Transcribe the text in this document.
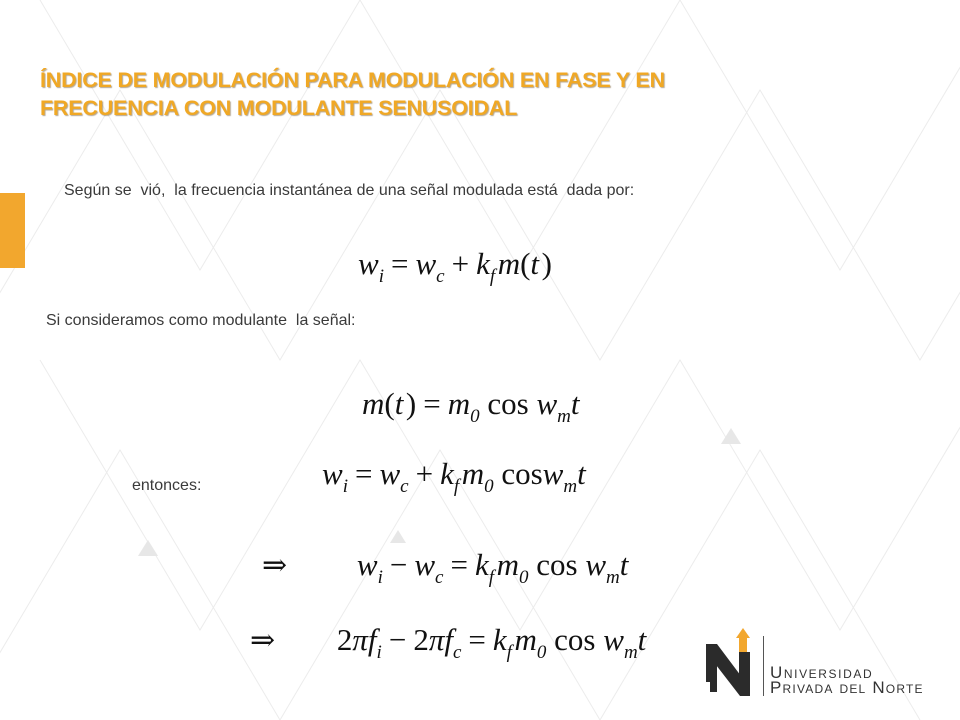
ÍNDICE DE MODULACIÓN PARA MODULACIÓN EN FASE Y EN
FRECUENCIA CON MODULANTE SENUSOIDAL
Según se  vió,  la frecuencia instantánea de una señal modulada está  dada por:
$w_i = w_c + k_f$ m(t )
Si consideramos como modulante  la señal:
m(t ) = $m_0$ $\cos w_mt$
entonces:	$w_i = w_c + k_f$ $m_0$ cosw$_m$t
⇒ $w_i - w_c = k_f$ $m_0$ $\cos w_mt$
⇒ $2\pi f_i - 2\pi f_c = k_f$ $m_0$ $\cos w_mt$
Universidad
Privada del Norte
